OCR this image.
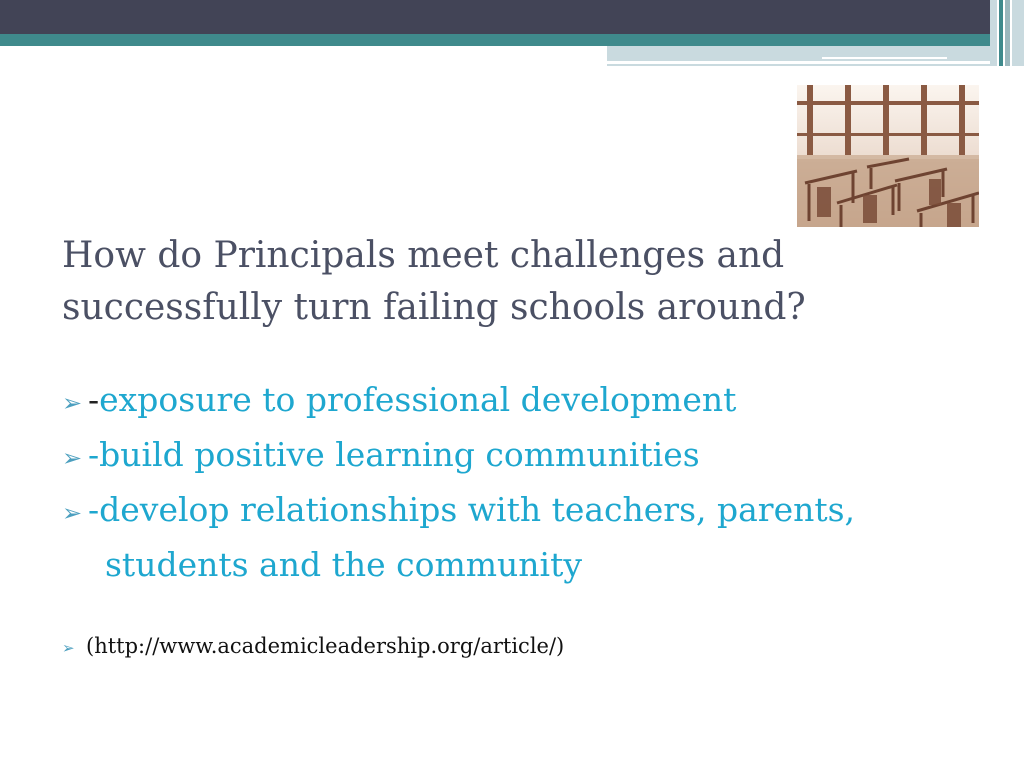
How do Principals meet challenges and successfully turn failing schools around?
➢ - exposure to professional development
➢ -build positive learning communities
➢ -develop relationships with teachers, parents,
students and the community
➢ (http://www.academicleadership.org/article/)
